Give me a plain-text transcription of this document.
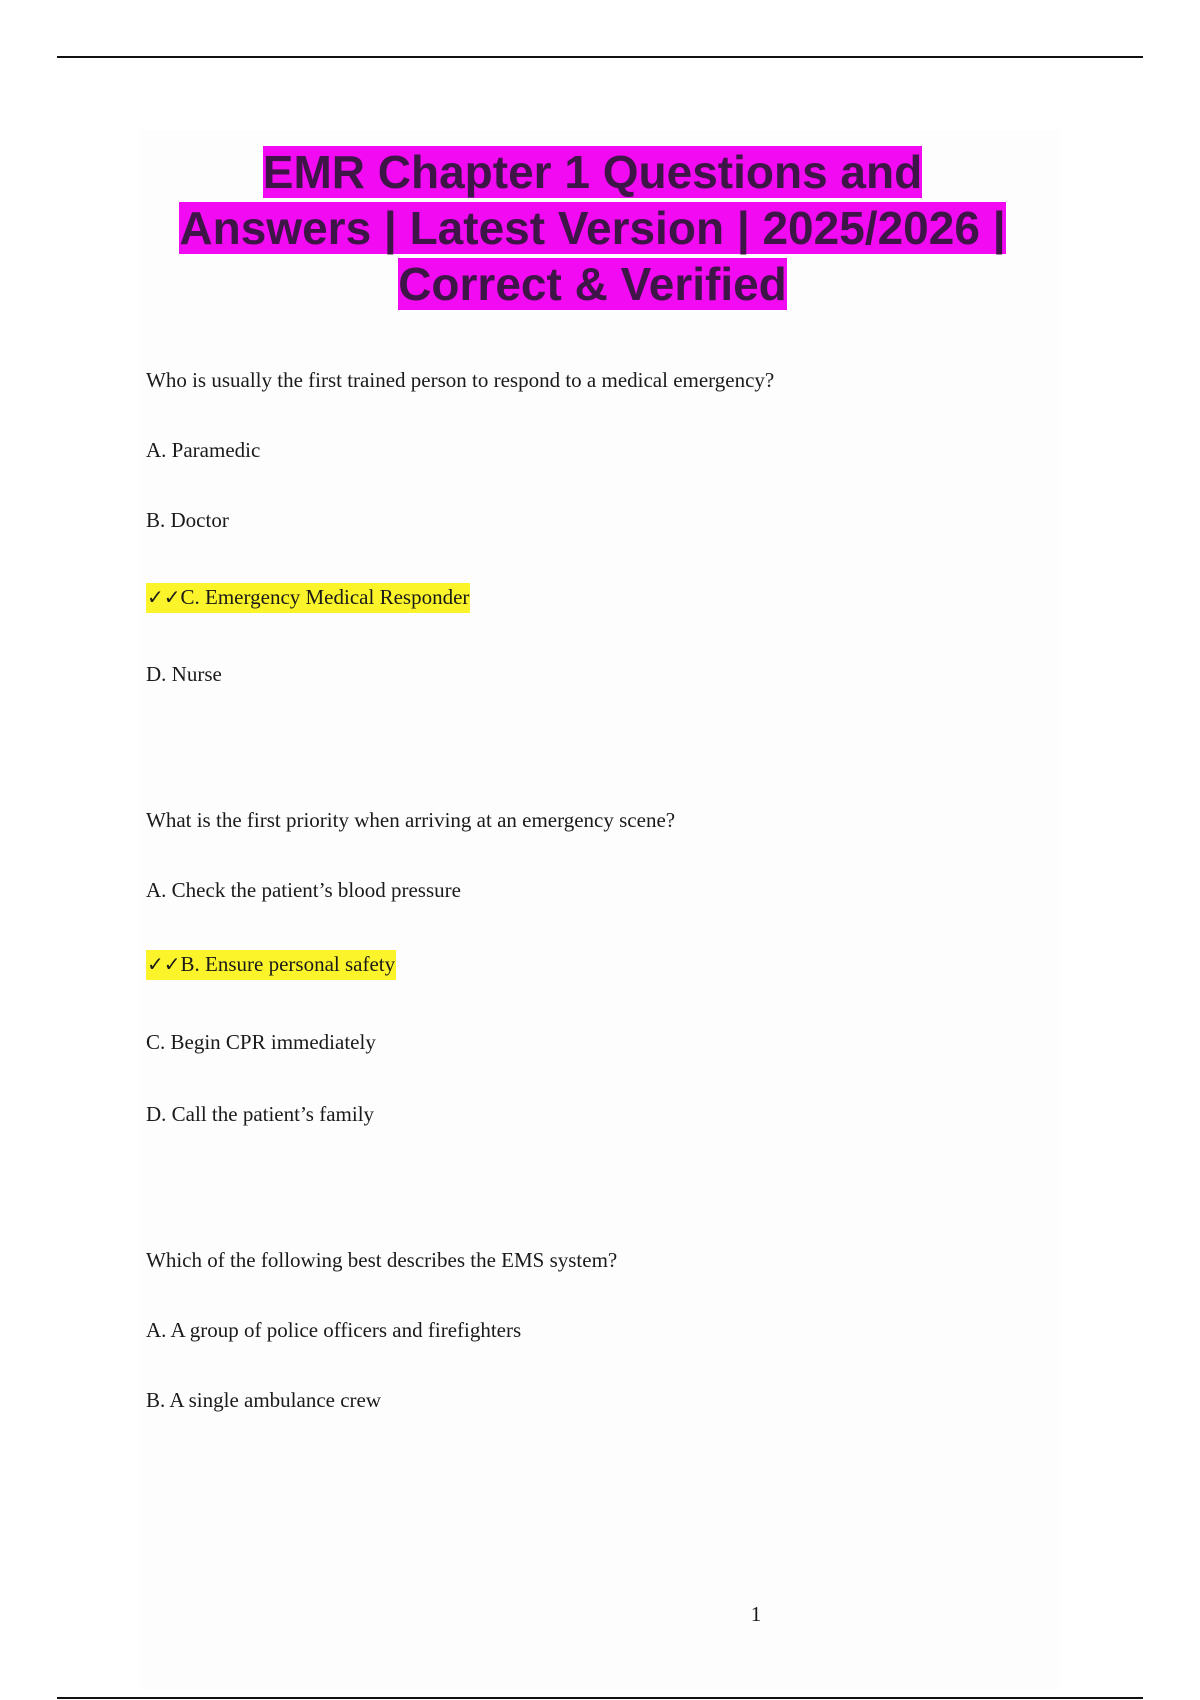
EMR Chapter 1 Questions and
Answers | Latest Version | 2025/2026 |
Correct & Verified
Who is usually the first trained person to respond to a medical emergency?
A. Paramedic
B. Doctor
✓✓C. Emergency Medical Responder
D. Nurse
What is the first priority when arriving at an emergency scene?
A. Check the patient’s blood pressure
✓✓B. Ensure personal safety
C. Begin CPR immediately
D. Call the patient’s family
Which of the following best describes the EMS system?
A. A group of police officers and firefighters
B. A single ambulance crew
1
